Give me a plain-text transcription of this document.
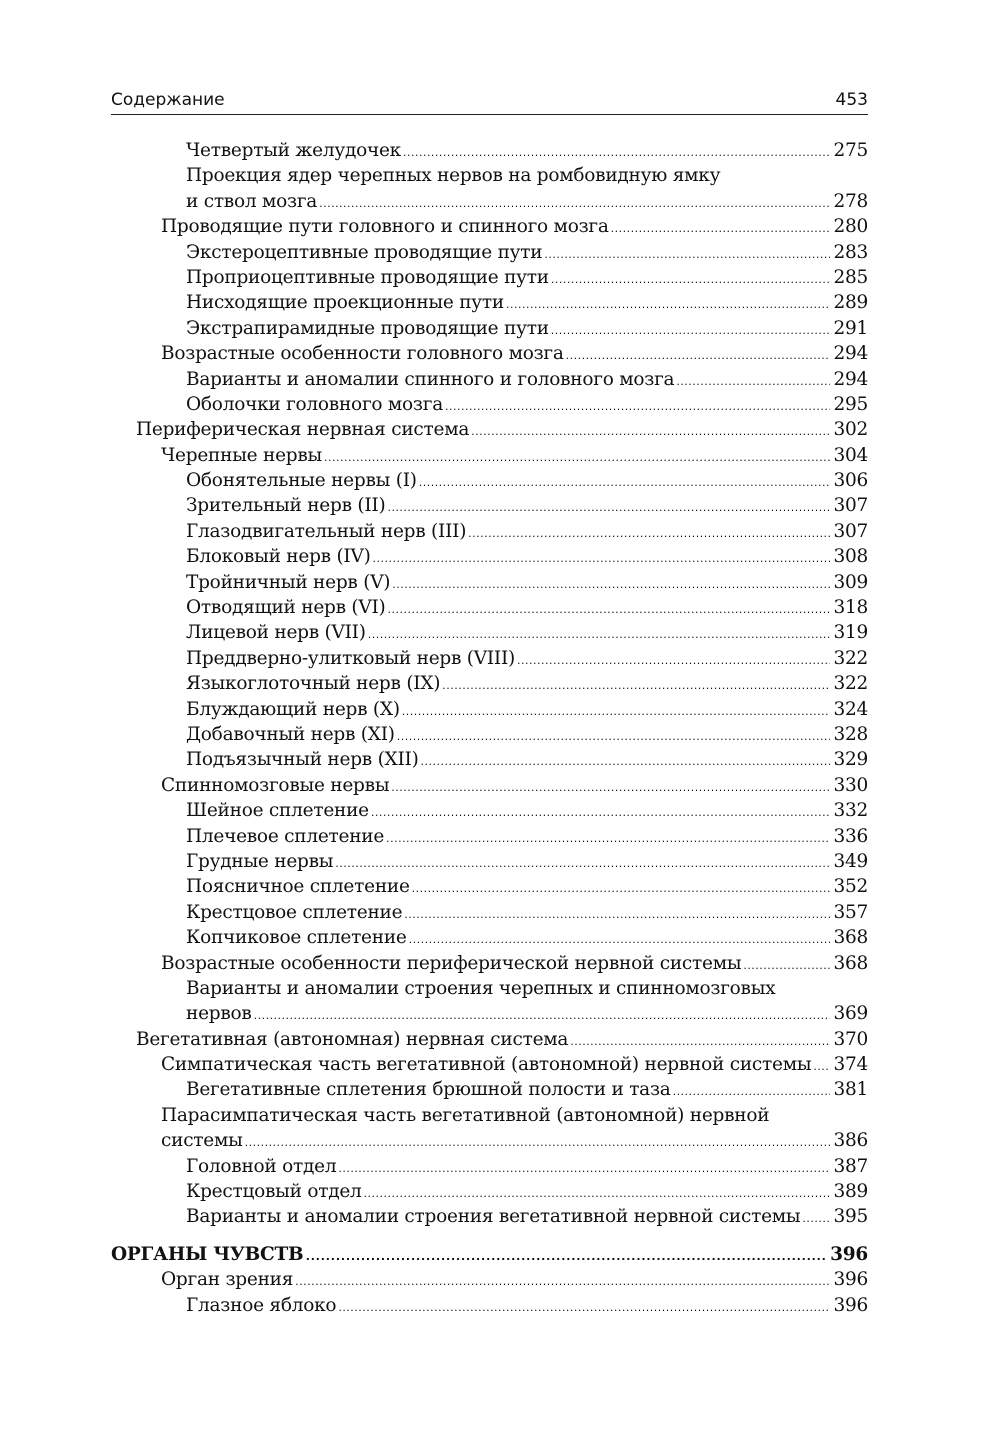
Содержание	453
Четвертый желудочек	275
. . .
Проекция ядер черепных нервов на ромбовидную ямку
и ствол мозга	278
. . .
Проводящие пути головного и спинного мозга	280
. . .
Экстероцептивные проводящие пути	283
. . .
Проприоцептивные проводящие пути	285
. . .
Нисходящие проекционные пути	289
. . .
Экстрапирамидные проводящие пути	291
. . .
Возрастные особенности головного мозга	294
. . .
Варианты и аномалии спинного и головного мозга	294
. . .
Оболочки головного мозга	295
. . .
Периферическая нервная система	302
. . .
Черепные нервы	304
. . .
Обонятельные нервы (I)	306
. . .
Зрительный нерв (II)	307
. . .
Глазодвигательный нерв (III)	307
. . .
Блоковый нерв (IV)	308
. . .
Тройничный нерв (V)	309
. . .
Отводящий нерв (VI)	318
. . .
Лицевой нерв (VII)	319
. . .
Преддверно-улитковый нерв (VIII)	322
. . .
Языкоглоточный нерв (IX)	322
. . .
Блуждающий нерв (X)	324
. . .
Добавочный нерв (XI)	328
. . .
Подъязычный нерв (XII)	329
. . .
Спинномозговые нервы	330
. . .
Шейное сплетение	332
. . .
Плечевое сплетение	336
. . .
Грудные нервы	349
. . .
Поясничное сплетение	352
. . .
Крестцовое сплетение	357
. . .
Копчиковое сплетение	368
. . .
Возрастные особенности периферической нервной системы	368
. . .
Варианты и аномалии строения черепных и спинномозговых
нервов	369
. . .
Вегетативная (автономная) нервная система	370
. . .
Симпатическая часть вегетативной (автономной) нервной системы 374
. . .
Вегетативные сплетения брюшной полости и таза	381
. . .
Парасимпатическая часть вегетативной (автономной) нервной
системы	386
. . .
Головной отдел	387
. . .
Крестцовый отдел	389
. . .
Варианты и аномалии строения вегетативной нервной системы 395
. . .
ОРГАНЫ ЧУВСТВ	396
. . .
Орган зрения	396
. . .
Глазное яблоко	396
. . .
